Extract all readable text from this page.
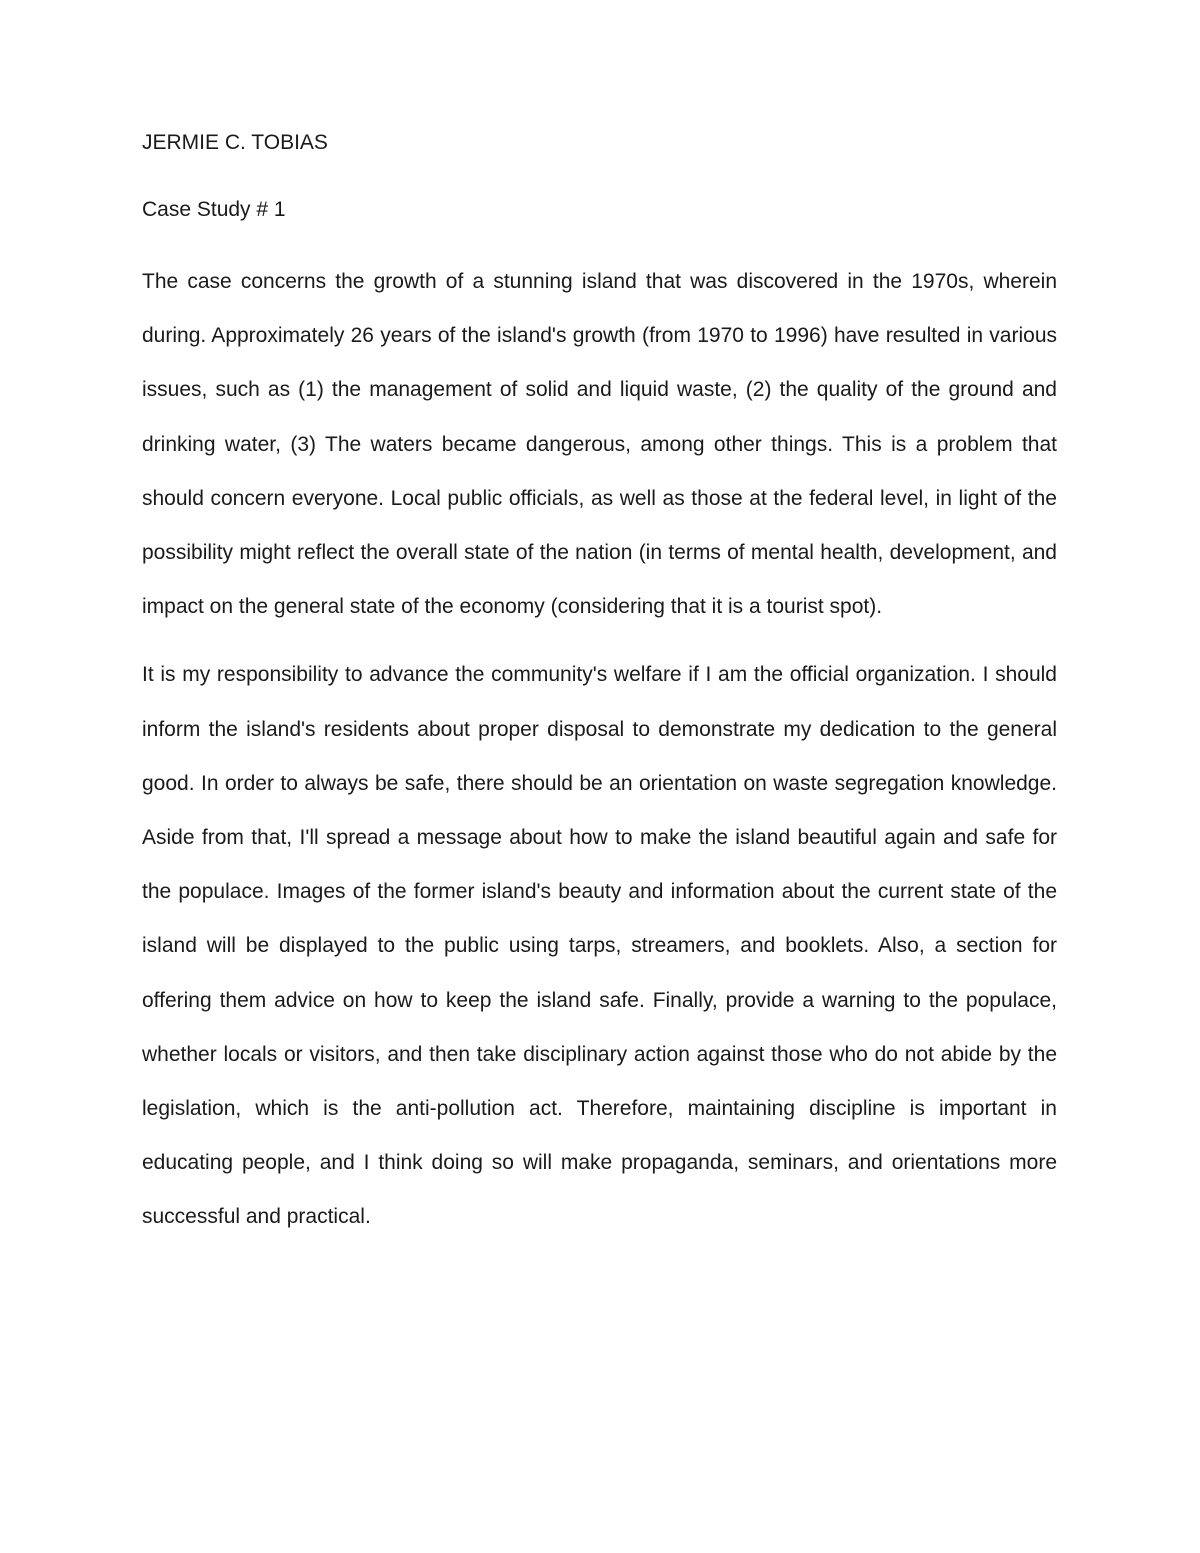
JERMIE C. TOBIAS

Case Study # 1

The case concerns the growth of a stunning island that was discovered in the 1970s, wherein during. Approximately 26 years of the island's growth (from 1970 to 1996) have resulted in various issues, such as (1) the management of solid and liquid waste, (2) the quality of the ground and drinking water, (3) The waters became dangerous, among other things. This is a problem that should concern everyone. Local public officials, as well as those at the federal level, in light of the possibility might reflect the overall state of the nation (in terms of mental health, development, and impact on the general state of the economy (considering that it is a tourist spot).

It is my responsibility to advance the community's welfare if I am the official organization. I should inform the island's residents about proper disposal to demonstrate my dedication to the general good. In order to always be safe, there should be an orientation on waste segregation knowledge. Aside from that, I'll spread a message about how to make the island beautiful again and safe for the populace. Images of the former island's beauty and information about the current state of the island will be displayed to the public using tarps, streamers, and booklets. Also, a section for offering them advice on how to keep the island safe. Finally, provide a warning to the populace, whether locals or visitors, and then take disciplinary action against those who do not abide by the legislation, which is the anti-pollution act. Therefore, maintaining discipline is important in educating people, and I think doing so will make propaganda, seminars, and orientations more successful and practical.
